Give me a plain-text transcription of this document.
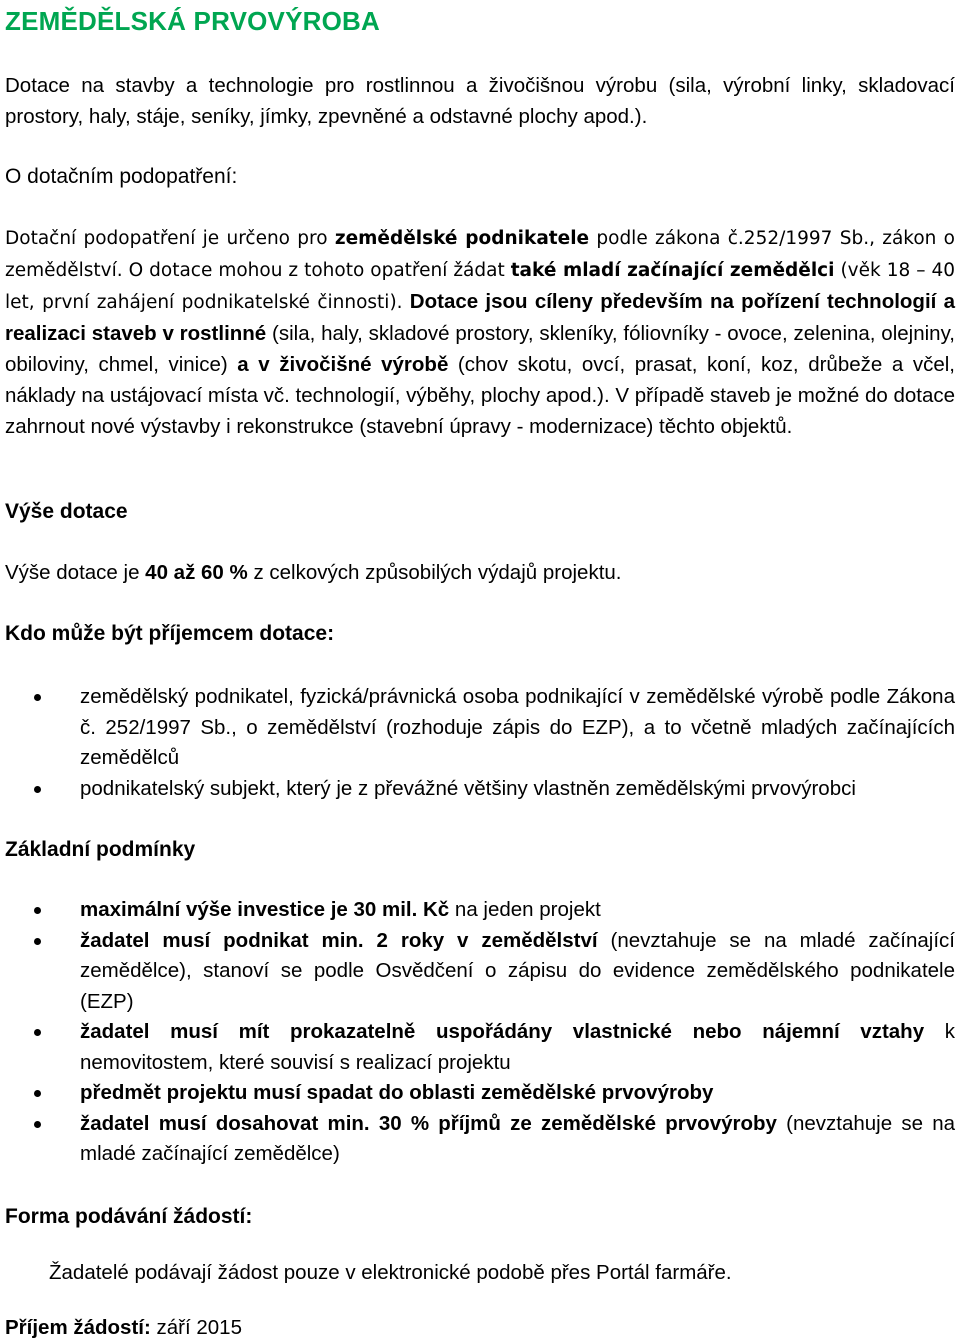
ZEMĚDĚLSKÁ PRVOVÝROBA
Dotace na stavby a technologie pro rostlinnou a živočišnou výrobu (sila, výrobní linky, skladovací prostory, haly, stáje, seníky, jímky, zpevněné a odstavné plochy apod.).
O dotačním podopatření:
Dotační podopatření je určeno pro zemědělské podnikatele podle zákona č.252/1997 Sb., zákon o zemědělství. O dotace mohou z tohoto opatření žádat také mladí začínající zemědělci (věk 18 – 40 let, první zahájení podnikatelské činnosti). Dotace jsou cíleny především na pořízení technologií a realizaci staveb v rostlinné (sila, haly, skladové prostory, skleníky, fóliovníky - ovoce, zelenina, olejniny, obiloviny, chmel, vinice) a v živočišné výrobě (chov skotu, ovcí, prasat, koní, koz, drůbeže a včel, náklady na ustájovací místa vč. technologií, výběhy, plochy apod.). V případě staveb je možné do dotace zahrnout nové výstavby i rekonstrukce (stavební úpravy - modernizace) těchto objektů.
Výše dotace
Výše dotace je 40 až 60 % z celkových způsobilých výdajů projektu.
Kdo může být příjemcem dotace:
zemědělský podnikatel, fyzická/právnická osoba podnikající v zemědělské výrobě podle Zákona č. 252/1997 Sb., o zemědělství (rozhoduje zápis do EZP), a to včetně mladých začínajících zemědělců
podnikatelský subjekt, který je z převážné většiny vlastněn zemědělskými prvovýrobci
Základní podmínky
maximální výše investice je 30 mil. Kč na jeden projekt
žadatel musí podnikat min. 2 roky v zemědělství (nevztahuje se na mladé začínající zemědělce), stanoví se podle Osvědčení o zápisu do evidence zemědělského podnikatele (EZP)
žadatel musí mít prokazatelně uspořádány vlastnické nebo nájemní vztahy k nemovitostem, které souvisí s realizací projektu
předmět projektu musí spadat do oblasti zemědělské prvovýroby
žadatel musí dosahovat min. 30 % příjmů ze zemědělské prvovýroby (nevztahuje se na mladé začínající zemědělce)
Forma podávání žádostí:
Žadatelé podávají žádost pouze v elektronické podobě přes Portál farmáře.
Příjem žádostí: září 2015
